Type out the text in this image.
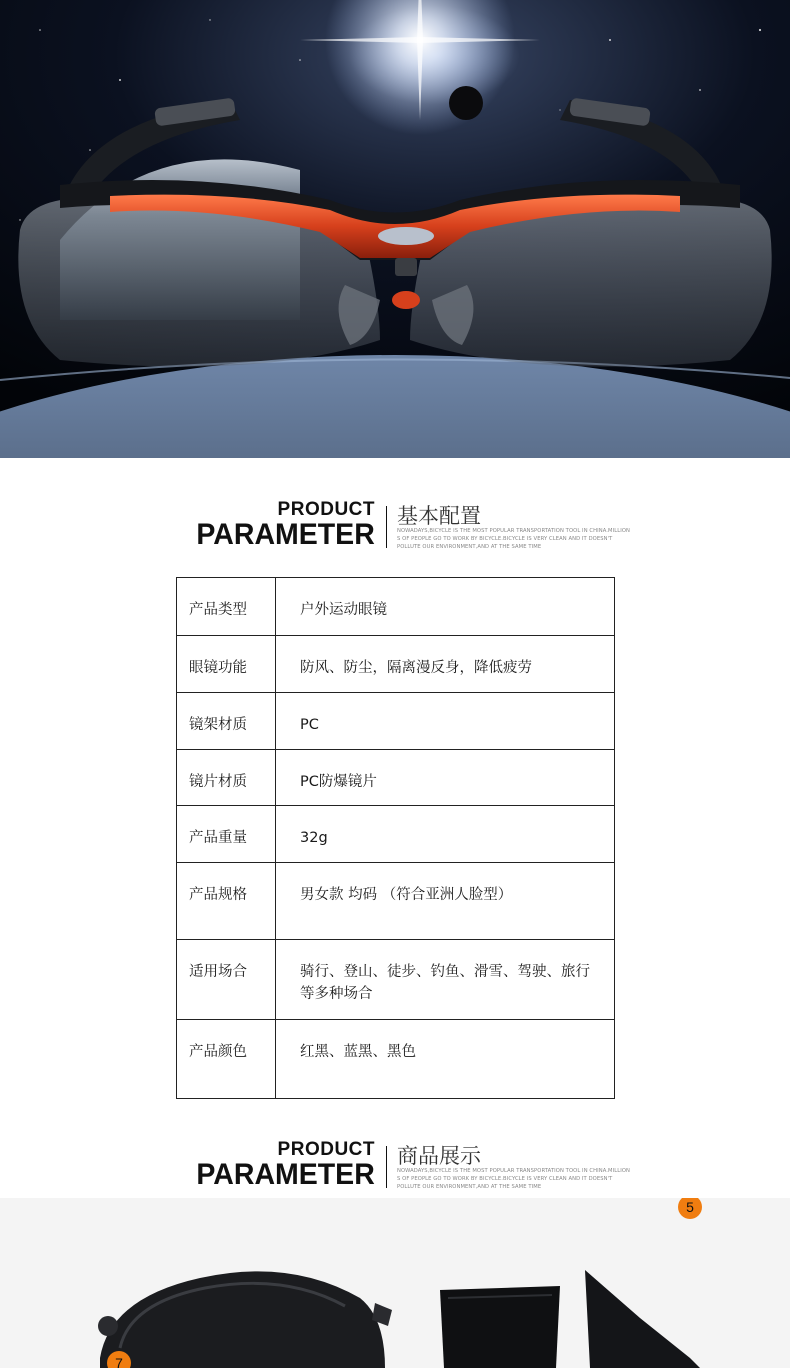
PRODUCT
PARAMETER
基本配置
NOWADAYS,BICYCLE IS THE MOST POPULAR TRANSPORTATION TOOL IN CHINA.MILLION
S OF PEOPLE GO TO WORK BY BICYCLE.BICYCLE IS VERY CLEAN AND IT DOESN'T
POLLUTE OUR ENVIRONMENT,AND AT THE SAME TIME
产品类型	户外运动眼镜

眼镜功能	防风、防尘，隔离漫反身，降低疲劳

镜架材质	PC

镜片材质	PC防爆镜片

产品重量	32g

产品规格	男女款 均码 （符合亚洲人脸型）

适用场合	骑行、登山、徒步、钓鱼、滑雪、驾驶、旅行等多种场合

产品颜色	红黑、蓝黑、黑色
PRODUCT
PARAMETER
商品展示
NOWADAYS,BICYCLE IS THE MOST POPULAR TRANSPORTATION TOOL IN CHINA.MILLION
S OF PEOPLE GO TO WORK BY BICYCLE.BICYCLE IS VERY CLEAN AND IT DOESN'T
POLLUTE OUR ENVIRONMENT,AND AT THE SAME TIME
5
7
